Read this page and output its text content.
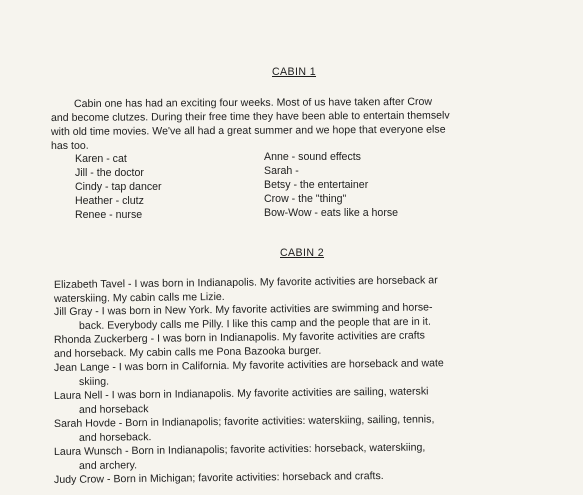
CABIN 1
Cabin one has had an exciting four weeks. Most of us have taken after Crow
and become clutzes. During their free time they have been able to entertain themselv
with old time movies. We've all had a great summer and we hope that everyone else
has too.
Karen - cat
Jill - the doctor
Cindy - tap dancer
Heather - clutz
Renee - nurse
Anne - sound effects
Sarah -
Betsy - the entertainer
Crow - the "thing"
Bow-Wow - eats like a horse
CABIN 2
Elizabeth Tavel - I was born in Indianapolis. My favorite activities are horseback ar
waterskiing. My cabin calls me Lizie.
Jill Gray - I was born in New York. My favorite activities are swimming and horse-
back. Everybody calls me Pilly. I like this camp and the people that are in it.
Rhonda Zuckerberg - I was born in Indianapolis. My favorite activities are crafts
and horseback. My cabin calls me Pona Bazooka burger.
Jean Lange - I was born in California. My favorite activities are horseback and wate
skiing.
Laura Nell - I was born in Indianapolis. My favorite activities are sailing, waterski
and horseback
Sarah Hovde - Born in Indianapolis; favorite activities: waterskiing, sailing, tennis,
and horseback.
Laura Wunsch - Born in Indianapolis; favorite activities: horseback, waterskiing,
and archery.
Judy Crow - Born in Michigan; favorite activities: horseback and crafts.
